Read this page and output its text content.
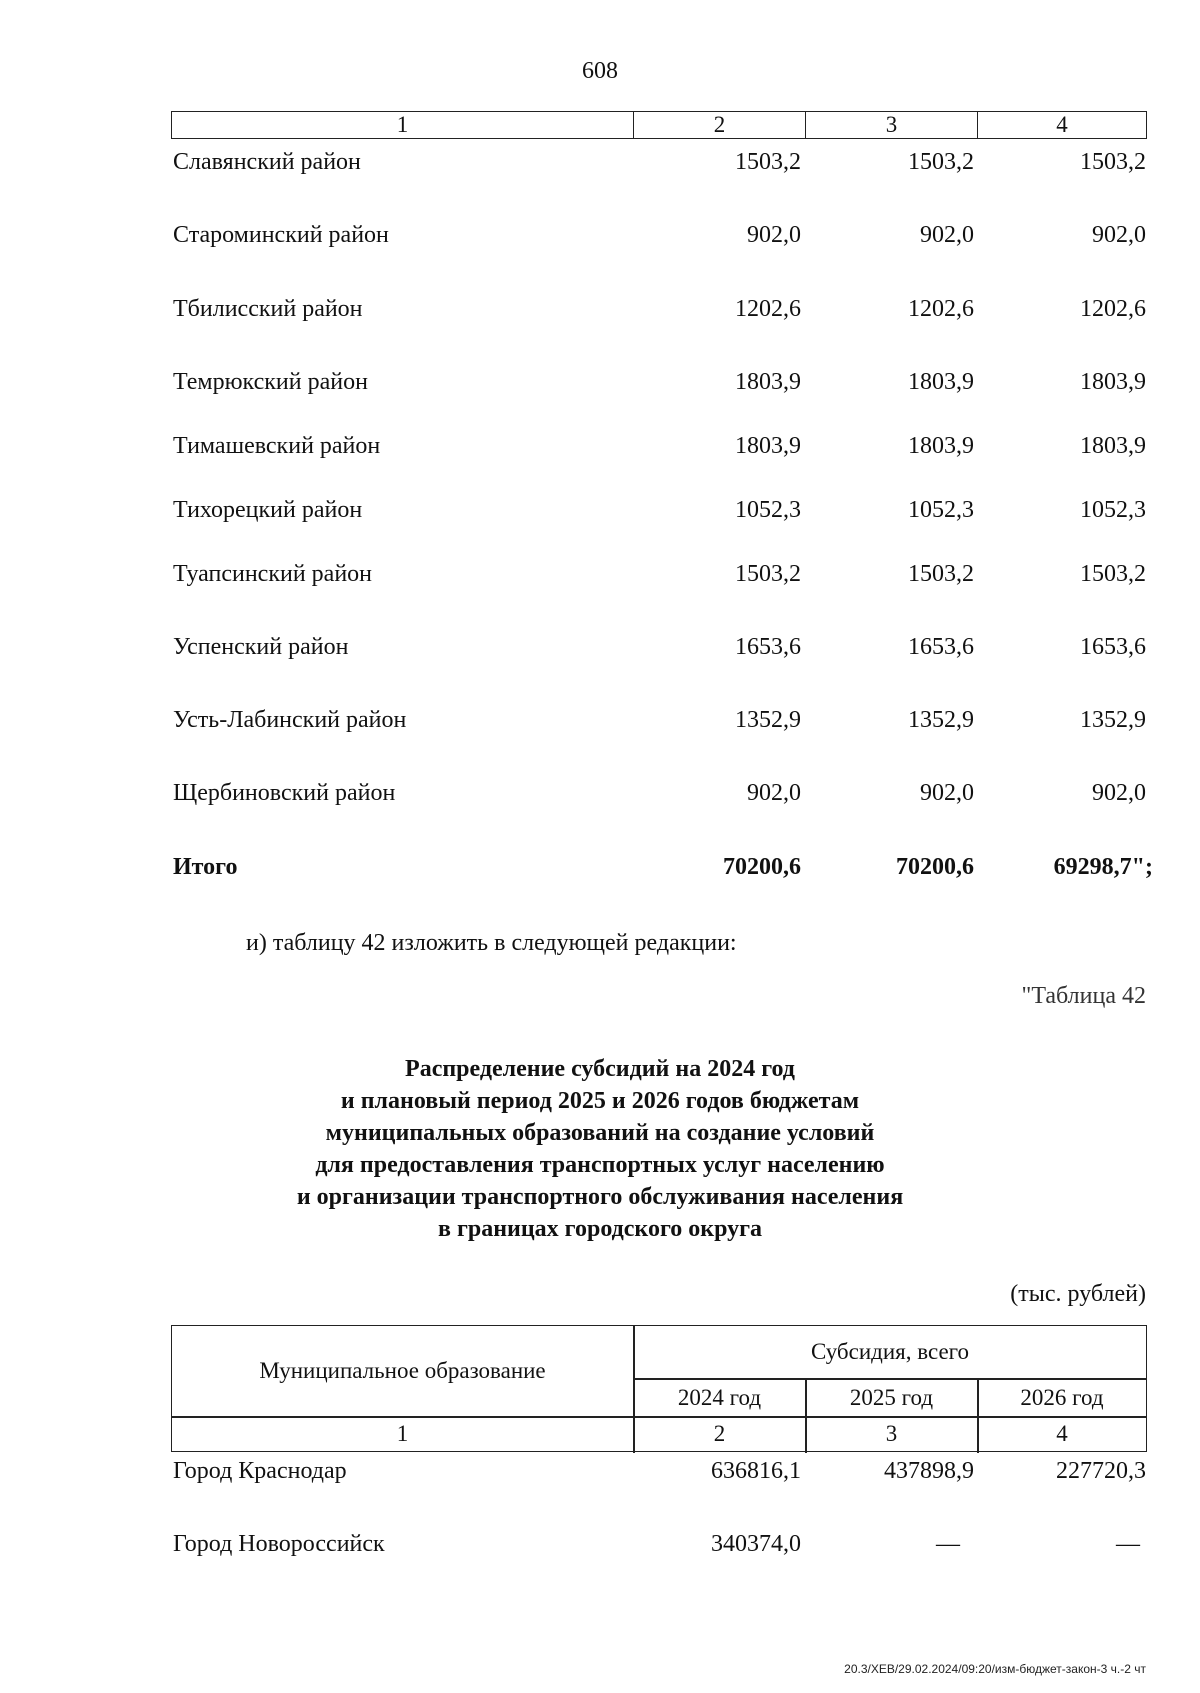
608
1	2	3	4
Славянский район	1503,2	1503,2	1503,2
Староминский район	902,0	902,0	902,0
Тбилисский район	1202,6	1202,6	1202,6
Темрюкский район	1803,9	1803,9	1803,9
Тимашевский район	1803,9	1803,9	1803,9
Тихорецкий район	1052,3	1052,3	1052,3
Туапсинский район	1503,2	1503,2	1503,2
Успенский район	1653,6	1653,6	1653,6
Усть-Лабинский район	1352,9	1352,9	1352,9
Щербиновский район	902,0	902,0	902,0
Итого	70200,6	70200,6	69298,7";
и) таблицу 42 изложить в следующей редакции:
"Таблица 42
Распределение субсидий на 2024 год
и плановый период 2025 и 2026 годов бюджетам
муниципальных образований на создание условий
для предоставления транспортных услуг населению
и организации транспортного обслуживания населения
в границах городского округа
(тыс. рублей)
Муниципальное образование
Субсидия, всего
2024 год	2025 год	2026 год
1	2	3	4
Город Краснодар	636816,1	437898,9	227720,3
Город Новороссийск	340374,0	—	—
20.3/ХЕВ/29.02.2024/09:20/изм-бюджет-закон-3 ч.-2 чт
